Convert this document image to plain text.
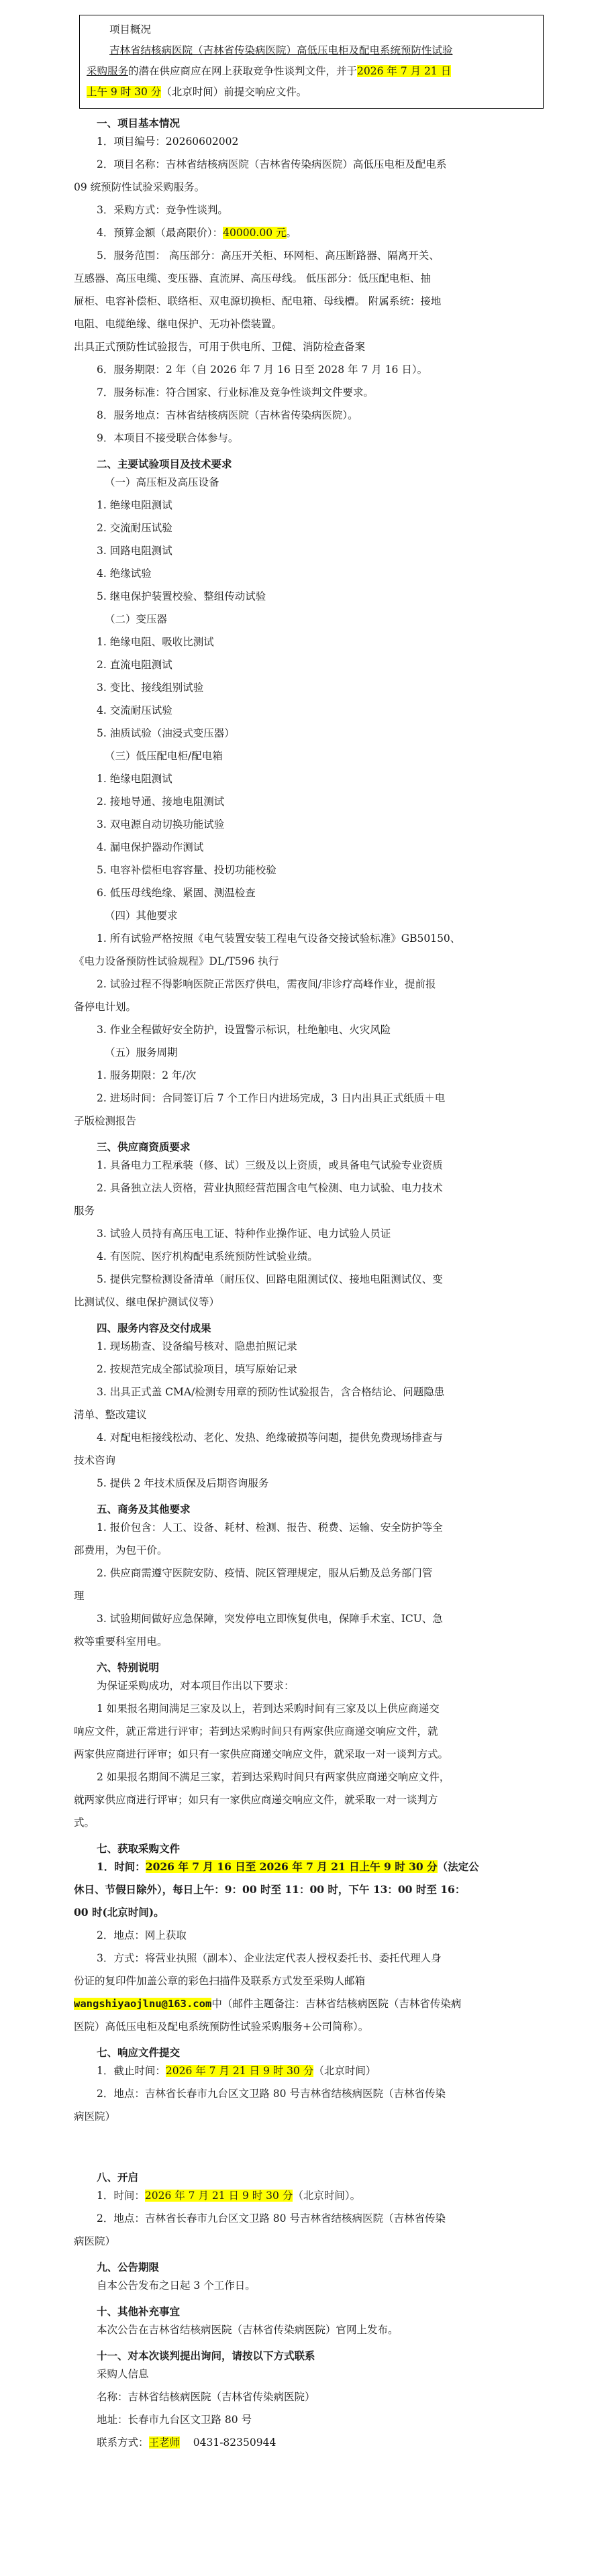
项目概况

吉林省结核病医院（吉林省传染病医院）高低压电柜及配电系统预防性试验

采购服务的潜在供应商应在网上获取竞争性谈判文件，并于2026 年 7 月 21 日

上午 9 时 30 分（北京时间）前提交响应文件。

一、项目基本情况

1．项目编号：20260602002

2．项目名称：吉林省结核病医院（吉林省传染病医院）高低压电柜及配电系

09 统预防性试验采购服务。

3．采购方式：竞争性谈判。

4．预算金额（最高限价）：40000.00 元。

5．服务范围： 高压部分：高压开关柜、环网柜、高压断路器、隔离开关、

互感器、高压电缆、变压器、直流屏、高压母线。 低压部分：低压配电柜、抽

屉柜、电容补偿柜、联络柜、双电源切换柜、配电箱、母线槽。 附属系统：接地

电阻、电缆绝缘、继电保护、无功补偿装置。

出具正式预防性试验报告，可用于供电所、卫健、消防检查备案

6．服务期限：2 年（自 2026 年 7 月 16 日至 2028 年 7 月 16 日）。

7．服务标准：符合国家、行业标准及竞争性谈判文件要求。

8．服务地点：吉林省结核病医院（吉林省传染病医院）。

9．本项目不接受联合体参与。

二、主要试验项目及技术要求

（一）高压柜及高压设备

1. 绝缘电阻测试

2. 交流耐压试验

3. 回路电阻测试

4. 绝缘试验

5. 继电保护装置校验、整组传动试验

（二）变压器

1. 绝缘电阻、吸收比测试

2. 直流电阻测试

3. 变比、接线组别试验

4. 交流耐压试验

5. 油质试验（油浸式变压器）

（三）低压配电柜/配电箱

1. 绝缘电阻测试

2. 接地导通、接地电阻测试

3. 双电源自动切换功能试验

4. 漏电保护器动作测试

5. 电容补偿柜电容容量、投切功能校验

6. 低压母线绝缘、紧固、测温检查

（四）其他要求

1. 所有试验严格按照《电气装置安装工程电气设备交接试验标准》GB50150、

《电力设备预防性试验规程》DL/T596 执行

2. 试验过程不得影响医院正常医疗供电，需夜间/非诊疗高峰作业，提前报

备停电计划。

3. 作业全程做好安全防护，设置警示标识，杜绝触电、火灾风险

（五）服务周期

1. 服务期限：2 年/次

2. 进场时间：合同签订后 7 个工作日内进场完成，3 日内出具正式纸质＋电

子版检测报告

三、供应商资质要求

1. 具备电力工程承装（修、试）三级及以上资质，或具备电气试验专业资质

2. 具备独立法人资格，营业执照经营范围含电气检测、电力试验、电力技术

服务

3. 试验人员持有高压电工证、特种作业操作证、电力试验人员证

4. 有医院、医疗机构配电系统预防性试验业绩。

5. 提供完整检测设备清单（耐压仪、回路电阻测试仪、接地电阻测试仪、变

比测试仪、继电保护测试仪等）

四、服务内容及交付成果

1. 现场勘查、设备编号核对、隐患拍照记录

2. 按规范完成全部试验项目，填写原始记录

3. 出具正式盖 CMA/检测专用章的预防性试验报告，含合格结论、问题隐患

清单、整改建议

4. 对配电柜接线松动、老化、发热、绝缘破损等问题，提供免费现场排查与

技术咨询

5. 提供 2 年技术质保及后期咨询服务

五、商务及其他要求

1. 报价包含：人工、设备、耗材、检测、报告、税费、运输、安全防护等全

部费用，为包干价。

2. 供应商需遵守医院安防、疫情、院区管理规定，服从后勤及总务部门管

理

3. 试验期间做好应急保障，突发停电立即恢复供电，保障手术室、ICU、急

救等重要科室用电。

六、特别说明

为保证采购成功，对本项目作出以下要求：

1 如果报名期间满足三家及以上，若到达采购时间有三家及以上供应商递交

响应文件，就正常进行评审；若到达采购时间只有两家供应商递交响应文件，就

两家供应商进行评审；如只有一家供应商递交响应文件，就采取一对一谈判方式。

2 如果报名期间不满足三家，若到达采购时间只有两家供应商递交响应文件，

就两家供应商进行评审；如只有一家供应商递交响应文件，就采取一对一谈判方

式。

七、获取采购文件

1．时间：2026 年 7 月 16 日至 2026 年 7 月 21 日上午 9 时 30 分（法定公

休日、节假日除外），每日上午：9：00 时至 11：00 时，下午 13：00 时至 16：

00 时(北京时间)。

2．地点：网上获取

3．方式：将营业执照（副本）、企业法定代表人授权委托书、委托代理人身

份证的复印件加盖公章的彩色扫描件及联系方式发至采购人邮箱

wangshiyaojlnu@163.com中（邮件主题备注：吉林省结核病医院（吉林省传染病

医院）高低压电柜及配电系统预防性试验采购服务+公司简称）。

七、响应文件提交

1．截止时间：2026 年 7 月 21 日 9 时 30 分（北京时间）

2．地点：吉林省长春市九台区文卫路 80 号吉林省结核病医院（吉林省传染

病医院）

八、开启

1．时间：2026 年 7 月 21 日 9 时 30 分（北京时间）。

2．地点：吉林省长春市九台区文卫路 80 号吉林省结核病医院（吉林省传染

病医院）

九、公告期限

自本公告发布之日起 3 个工作日。

十、其他补充事宜

本次公告在吉林省结核病医院（吉林省传染病医院）官网上发布。

十一、对本次谈判提出询问，请按以下方式联系

采购人信息

名称：吉林省结核病医院（吉林省传染病医院）

地址：长春市九台区文卫路 80 号

联系方式：王老师 0431-82350944
